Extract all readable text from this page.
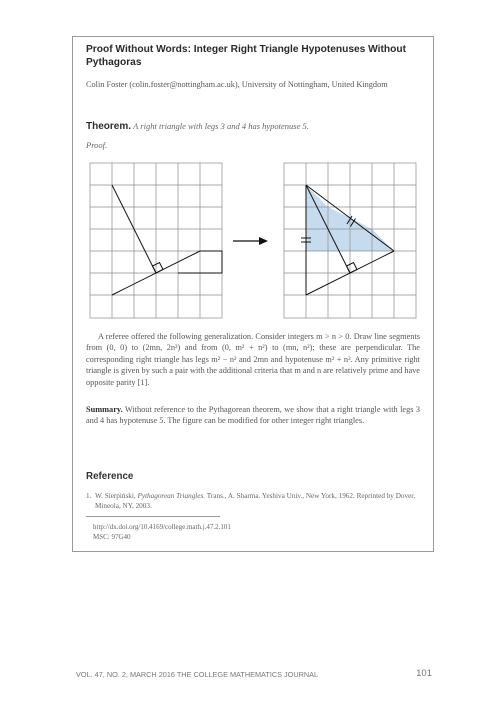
Proof Without Words: Integer Right Triangle Hypotenuses Without Pythagoras
Colin Foster (colin.foster@nottingham.ac.uk), University of Nottingham, United Kingdom
Theorem. A right triangle with legs 3 and 4 has hypotenuse 5.
Proof.

A referee offered the following generalization. Consider integers m > n > 0. Draw line segments from (0, 0) to (2mn, 2n²) and from (0, m² + n²) to (mn, n²); these are perpendicular. The corresponding right triangle has legs m² − n² and 2mn and hypotenuse m² + n². Any primitive right triangle is given by such a pair with the additional criteria that m and n are relatively prime and have opposite parity [1].

Summary. Without reference to the Pythagorean theorem, we show that a right triangle with legs 3 and 4 has hypotenuse 5. The figure can be modified for other integer right triangles.

Reference
1. W. Sierpiński, Pythagorean Triangles. Trans., A. Sharma. Yeshiva Univ., New York, 1962. Reprinted by Dover, Mineola, NY, 2003.
http://dx.doi.org/10.4169/college.math.j.47.2.101
MSC: 97G40
VOL. 47, NO. 2, MARCH 2016 THE COLLEGE MATHEMATICS JOURNAL	101
